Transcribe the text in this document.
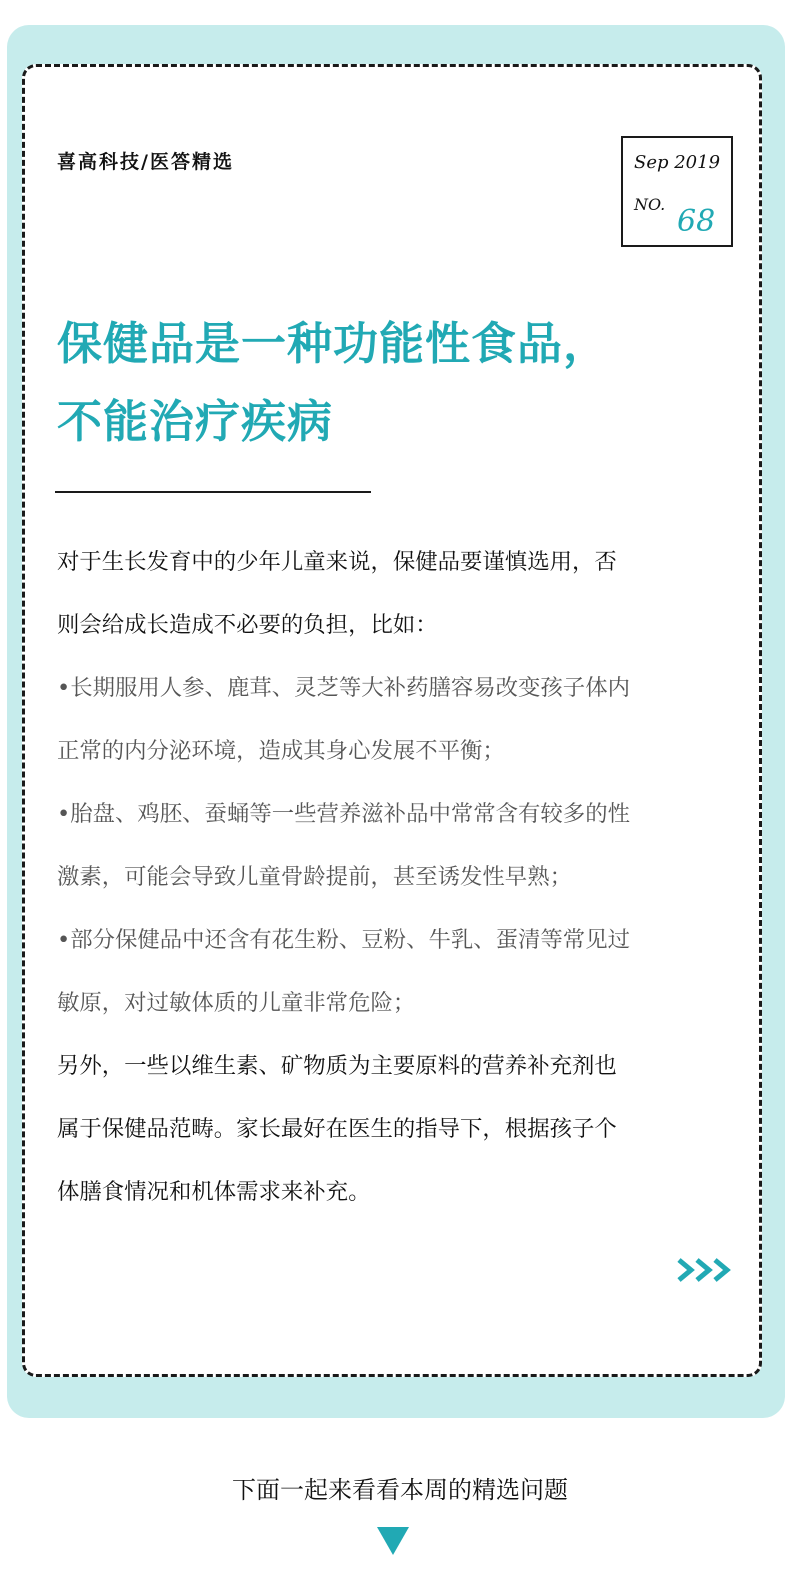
喜高科技/医答精选	Sep 2019
NO. 68
保健品是一种功能性食品，
不能治疗疾病

对于生长发育中的少年儿童来说，保健品要谨慎选用，否

则会给成长造成不必要的负担，比如：

•长期服用人参、鹿茸、灵芝等大补药膳容易改变孩子体内

正常的内分泌环境，造成其身心发展不平衡；

•胎盘、鸡胚、蚕蛹等一些营养滋补品中常常含有较多的性

激素，可能会导致儿童骨龄提前，甚至诱发性早熟；

•部分保健品中还含有花生粉、豆粉、牛乳、蛋清等常见过

敏原，对过敏体质的儿童非常危险；

另外，一些以维生素、矿物质为主要原料的营养补充剂也

属于保健品范畴。家长最好在医生的指导下，根据孩子个

体膳食情况和机体需求来补充。

下面一起来看看本周的精选问题
